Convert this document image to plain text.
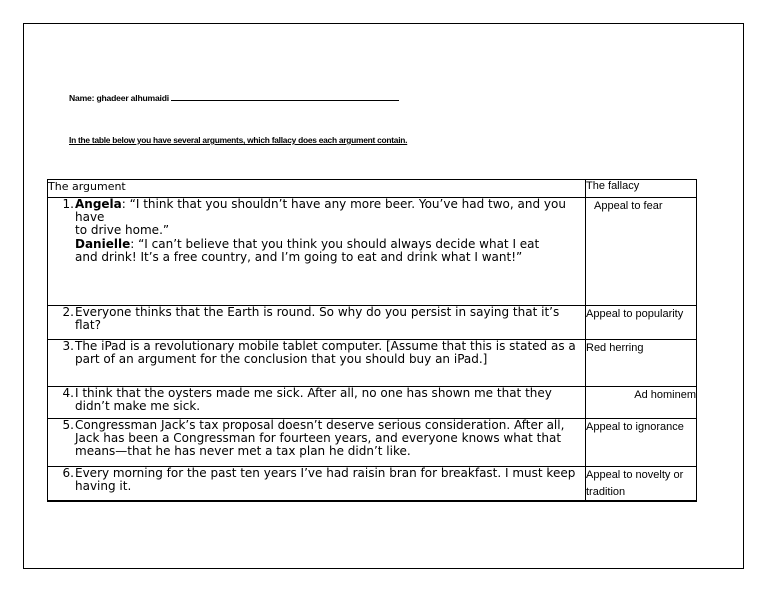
Name: ghadeer alhumaidi
In the table below you have several arguments, which fallacy does each argument contain.
The argument	The fallacy

1. Angela: “I think that you shouldn’t have any more beer. You’ve had two, and you have
to drive home.”
Danielle: “I can’t believe that you think you should always decide what I eat
and drink! It’s a free country, and I’m going to eat and drink what I want!”	Appeal to fear

2. Everyone thinks that the Earth is round. So why do you persist in saying that it’s flat?	Appeal to popularity

3. The iPad is a revolutionary mobile tablet computer. [Assume that this is stated as a part of an argument for the conclusion that you should buy an iPad.]	Red herring

4. I think that the oysters made me sick. After all, no one has shown me that they didn’t make me sick.	Ad hominem

5. Congressman Jack’s tax proposal doesn’t deserve serious consideration. After all, Jack has been a Congressman for fourteen years, and everyone knows what that means—that he has never met a tax plan he didn’t like.	Appeal to ignorance

6. Every morning for the past ten years I’ve had raisin bran for breakfast. I must keep having it.	Appeal to novelty or tradition
